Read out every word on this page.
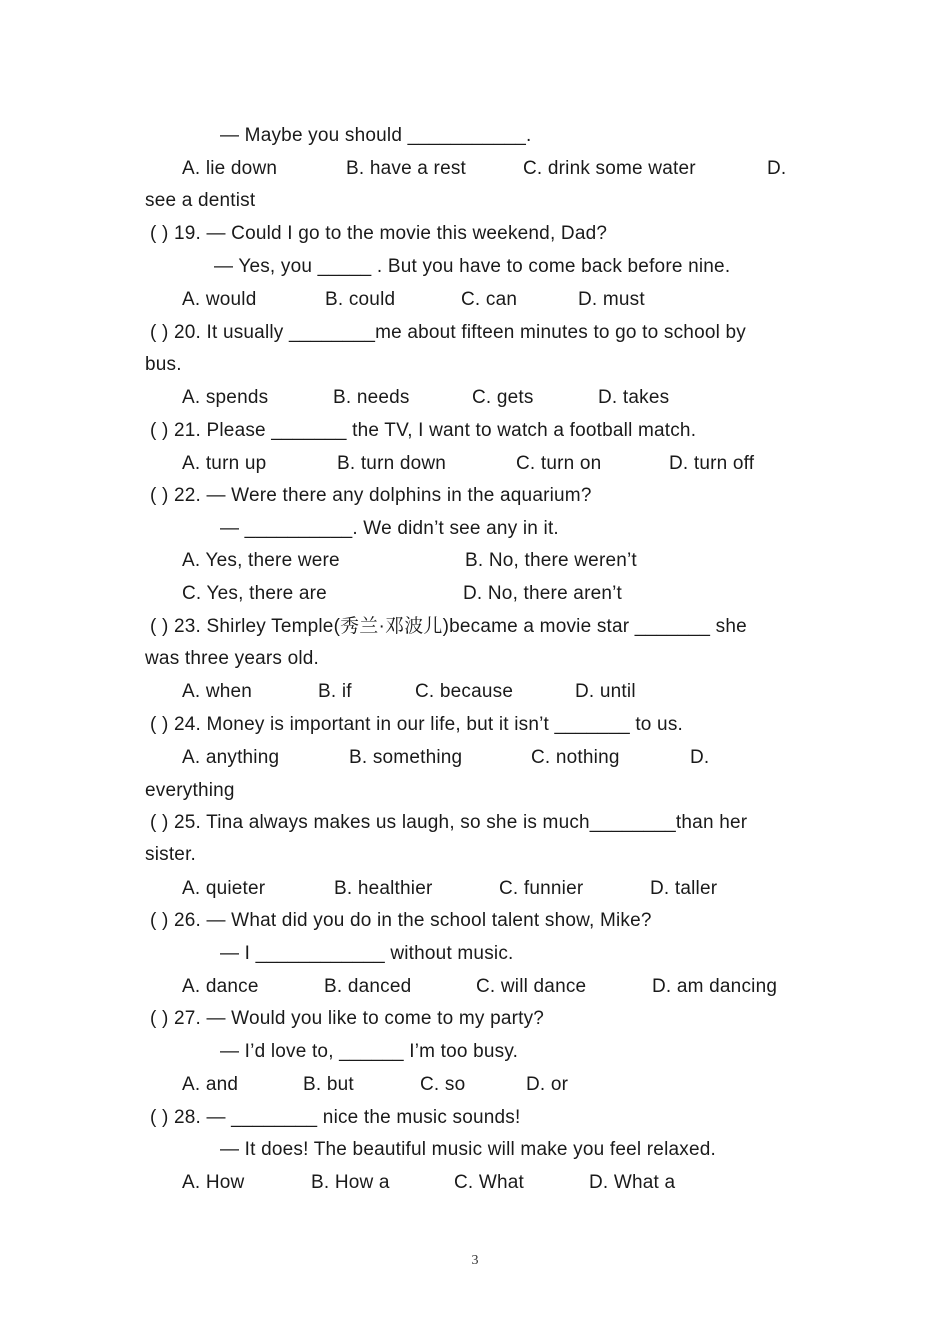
— Maybe you should ___________.
A. lie down	B. have a rest	C. drink some water	D.
see a dentist
( ) 19. — Could I go to the movie this weekend, Dad?
— Yes, you _____ . But you have to come back before nine.
A. would	B. could	C. can	D. must
( ) 20. It usually ________me about fifteen minutes to go to school by
bus.
A. spends	B. needs	C. gets	D. takes
( ) 21. Please _______ the TV, I want to watch a football match.
A. turn up	B. turn down	C. turn on	D. turn off
( ) 22. — Were there any dolphins in the aquarium?
— __________. We didn’t see any in it.
A. Yes, there were	B. No, there weren’t
C. Yes, there are	D. No, there aren’t
( ) 23. Shirley Temple(秀兰·邓波儿)became a movie star _______ she
was three years old.
A. when	B. if	C. because	D. until
( ) 24. Money is important in our life, but it isn’t _______ to us.
A. anything	B. something	C. nothing	D.
everything
( ) 25. Tina always makes us laugh, so she is much________than her
sister.
A. quieter	B. healthier	C. funnier	D. taller
( ) 26. — What did you do in the school talent show, Mike?
— I ____________ without music.
A. dance	B. danced	C. will dance	D. am dancing
( ) 27. — Would you like to come to my party?
— I’d love to, ______ I’m too busy.
A. and	B. but	C. so	D. or
( ) 28. — ________ nice the music sounds!
— It does! The beautiful music will make you feel relaxed.
A. How	B. How a	C. What	D. What a
3
